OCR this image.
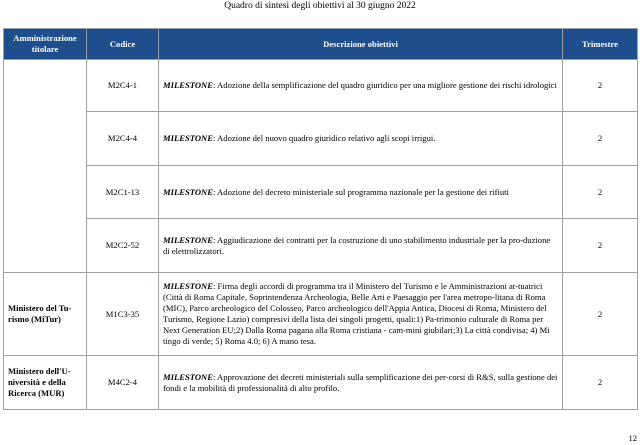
Quadro di sintesi degli obiettivi al 30 giugno 2022
Amministrazione titolare	Codice	Descrizione obiettivi	Trimestre
	M2C4-1	MILESTONE: Adozione della semplificazione del quadro giuridico per una migliore gestione dei rischi idrologici	2
	M2C4-4	MILESTONE: Adozione del nuovo quadro giuridico relativo agli scopi irrigui.	2
	M2C1-13	MILESTONE: Adozione del decreto ministeriale sul programma nazionale per la gestione dei rifiuti	2
	M2C2-52	MILESTONE: Aggiudicazione dei contratti per la costruzione di uno stabilimento industriale per la pro-duzione di elettrolizzatori.	2
Ministero del Tu-rismo (MiTur)	M1C3-35	MILESTONE: Firma degli accordi di programma tra il Ministero del Turismo e le Amministrazioni at-tuatrici (Città di Roma Capitale, Soprintendenza Archeologia, Belle Arti e Paesaggio per l'area metropo-litana di Roma (MIC), Parco archeologico del Colosseo, Parco archeologico dell'Appia Antica, Diocesi di Roma, Ministero del Turismo, Regione Lazio) compresivi della lista dei singoli progetti, quali:1) Pa-trimonio culturale di Roma per Next Generation EU;2) Dalla Roma pagana alla Roma cristiana - cam-mini giubilari;3) La città condivisa; 4) Mi tingo di verde; 5) Roma 4.0; 6) A mano tesa.	2
Ministero dell'U-niversità e della Ricerca (MUR)	M4C2-4	MILESTONE: Approvazione dei decreti ministeriali sulla semplificazione dei per-corsi di R&S, sulla gestione dei fondi e la mobilità di professionalità di alto profilo.	2
12
